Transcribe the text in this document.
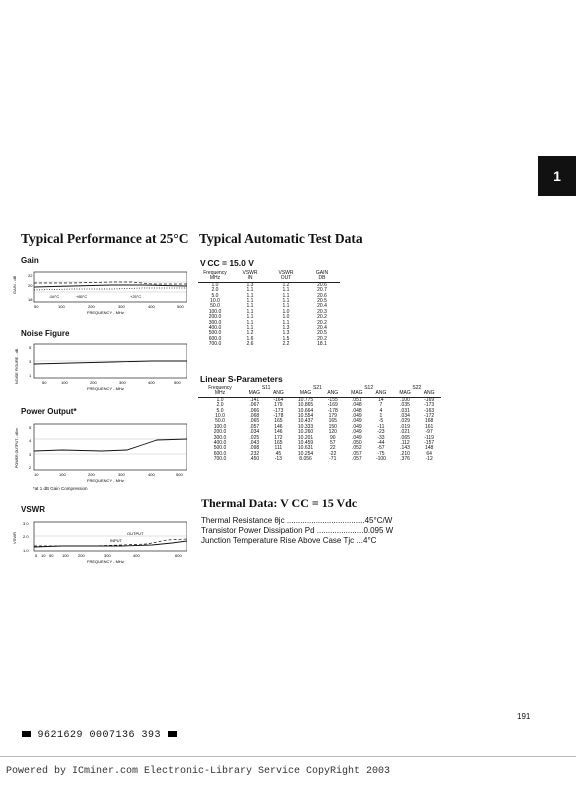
1
Typical Performance at 25°C Typical Automatic Test Data
Gain
GAIN - dB
22
20
18
-54°C	+85°C	+25°C
50	100	200	300	400	500
FREQUENCY - MHz
Noise Figure
NOISE FIGURE - dB
5
3
1
50	100	200	300	400	500
FREQUENCY - MHz
Power Output*
POWER OUTPUT - dBm
5
4
3
2
10	100	200	300	400	500
FREQUENCY - MHz
*at 1 dB Gain Compression
VSWR
VSWR
3.0
2.0
1.0
OUTPUT
INPUT
5 10 50 100 200	300	400	600
FREQUENCY - MHz
V CC = 15.0 V
Frequency	VSWR	VSWR	GAIN
MHz	IN	OUT	DB
1.0	1.3	1.2	20.6
2.0	1.1	1.1	20.7
5.0	1.1	1.1	20.6
10.0	1.1	1.1	20.5
50.0	1.1	1.1	20.4
100.0	1.1	1.0	20.3
200.0	1.1	1.0	20.2
300.0	1.1	1.1	20.2
400.0	1.1	1.3	20.4
500.0	1.2	1.3	20.5
600.0	1.6	1.5	20.2
700.0	2.6	2.2	18.1
Linear S-Parameters
Frequency	S11		S21		S12		S22	
MHz	MAG	ANG	MAG	ANG	MAG	ANG	MAG	ANG
1.0	.141	-164	10.775	-155	.051	14	.100	-169
2.0	.067	179	10.865	-169	.048	7	.035	-173
5.0	.066	-173	10.664	-178	.048	4	.031	-163
10.0	.068	-178	10.554	179	.049	1	.034	-172
50.0	.065	165	10.437	165	.049	-5	.029	168
100.0	.057	146	10.333	150	.049	-11	.019	161
200.0	.034	146	10.260	120	.049	-23	.021	-97
300.0	.025	172	10.201	90	.049	-33	.065	-119
400.0	.043	165	10.459	57	.050	-44	.112	-157
500.0	.098	111	10.631	22	.052	-57	.143	148
600.0	.232	45	10.254	-22	.057	-75	.210	64
700.0	.450	-13	8.056	-71	.057	-100	.376	-12
Thermal Data: V CC = 15 Vdc
Thermal Resistance θjc ...................................45°C/W
Transistor Power Dissipation Pd .....................0.095 W
Junction Temperature Rise Above Case Tjc ...4°C
191
9621629 0007136 393
Powered by ICminer.com Electronic-Library Service CopyRight 2003
